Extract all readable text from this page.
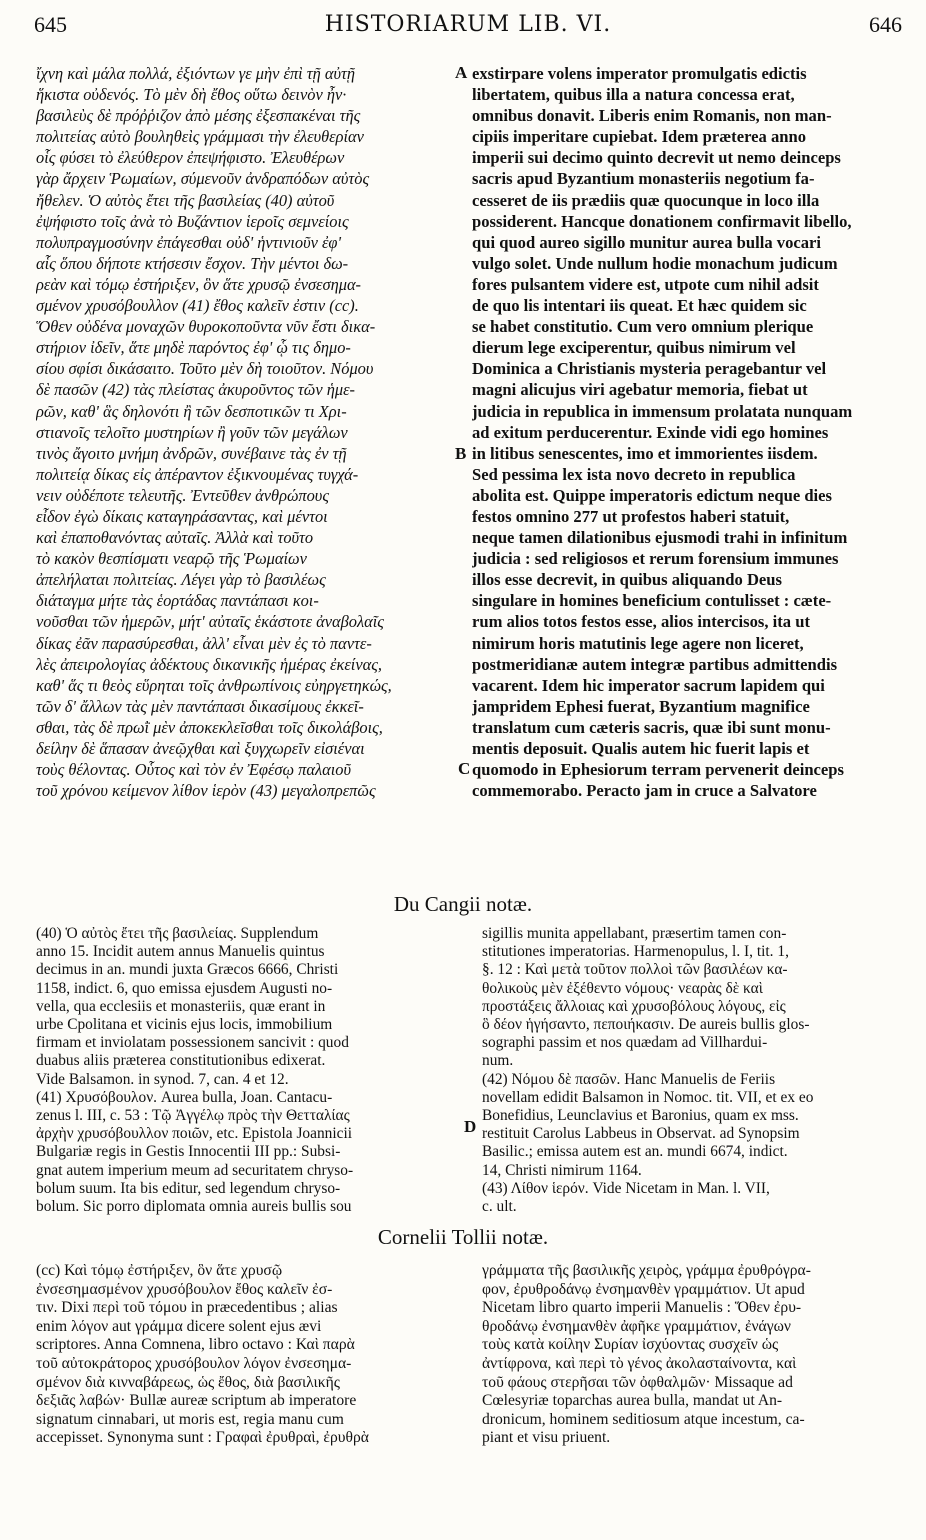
645	HISTORIARUM LIB. VI.	646

ἴχνη καὶ μάλα πολλά, ἐξιόντων γε μὴν ἐπὶ τῇ αὐτῇ

ἥκιστα οὐδενός. Τὸ μὲν δὴ ἔθος οὕτω δεινὸν ἦν·

βασιλεὺς δὲ πρόῤῥιζον ἀπὸ μέσης ἐξεσπακέναι τῆς

πολιτείας αὐτὸ βουληθεὶς γράμμασι τὴν ἐλευθερίαν

οἷς φύσει τὸ ἐλεύθερον ἐπεψήφιστο. Ἐλευθέρων

γὰρ ἄρχειν Ῥωμαίων, σύμενοῦν ἀνδραπόδων αὐτὸς

ἤθελεν. Ὁ αὐτὸς ἔτει τῆς βασιλείας (40) αὐτοῦ

ἐψήφιστο τοῖς ἀνὰ τὸ Βυζάντιον ἱεροῖς σεμνείοις

πολυπραγμοσύνην ἐπάγεσθαι οὐδ' ἡντινιοῦν ἐφ'

αἷς ὅπου δήποτε κτήσεσιν ἔσχον. Τὴν μέντοι δω-

ρεὰν καὶ τόμῳ ἐστήριξεν, ὃν ἅτε χρυσῷ ἐνσεσημα-

σμένον χρυσόβουλλον (41) ἔθος καλεῖν ἐστιν (cc).

Ὅθεν οὐδένα μοναχῶν θυροκοποῦντα νῦν ἔστι δικα-

στήριον ἰδεῖν, ἅτε μηδὲ παρόντος ἐφ' ᾧ τις δημο-

σίου σφίσι δικάσαιτο. Τοῦτο μὲν δὴ τοιοῦτον. Νόμου

δὲ πασῶν (42) τὰς πλείστας ἀκυροῦντος τῶν ἡμε-

ρῶν, καθ' ἃς δηλονότι ἢ τῶν δεσποτικῶν τι Χρι-

στιανοῖς τελοῖτο μυστηρίων ἢ γοῦν τῶν μεγάλων

τινὸς ἄγοιτο μνήμη ἀνδρῶν, συνέβαινε τὰς ἐν τῇ

πολιτείᾳ δίκας εἰς ἀπέραντον ἐξικνουμένας τυγχά-

νειν οὐδέποτε τελευτῆς. Ἐντεῦθεν ἀνθρώπους

εἶδον ἐγὼ δίκαις καταγηράσαντας, καὶ μέντοι

καὶ ἐπαποθανόντας αὐταῖς. Ἀλλὰ καὶ τοῦτο

τὸ κακὸν θεσπίσματι νεαρῷ τῆς Ῥωμαίων

ἀπελήλαται πολιτείας. Λέγει γὰρ τὸ βασιλέως

διάταγμα μήτε τὰς ἑορτάδας παντάπασι κοι-

νοῦσθαι τῶν ἡμερῶν, μήτ' αὐταῖς ἑκάστοτε ἀναβολαῖς

δίκας ἐᾶν παρασύρεσθαι, ἀλλ' εἶναι μὲν ἐς τὸ παντε-

λὲς ἀπειρολογίας ἀδέκτους δικανικῆς ἡμέρας ἐκείνας,

καθ' ἅς τι θεὸς εὕρηται τοῖς ἀνθρωπίνοις εὐηργετηκώς,

τῶν δ' ἄλλων τὰς μὲν παντάπασι δικασίμους ἐκκεῖ-

σθαι, τὰς δὲ πρωῒ μὲν ἀποκεκλεῖσθαι τοῖς δικολάβοις,

δείλην δὲ ἅπασαν ἀνεῷχθαι καὶ ξυγχωρεῖν εἰσιέναι

τοὺς θέλοντας. Οὗτος καὶ τὸν ἐν Ἐφέσῳ παλαιοῦ

τοῦ χρόνου κείμενον λίθον ἱερὸν (43) μεγαλοπρεπῶς

exstirpare volens imperator promulgatis edictis

libertatem, quibus illa a natura concessa erat,

omnibus donavit. Liberis enim Romanis, non man-

cipiis imperitare cupiebat. Idem præterea anno

imperii sui decimo quinto decrevit ut nemo deinceps

sacris apud Byzantium monasteriis negotium fa-

cesseret de iis prædiis quæ quocunque in loco illa

possiderent. Hancque donationem confirmavit libello,

qui quod aureo sigillo munitur aurea bulla vocari

vulgo solet. Unde nullum hodie monachum judicum

fores pulsantem videre est, utpote cum nihil adsit

de quo lis intentari iis queat. Et hæc quidem sic

se habet constitutio. Cum vero omnium plerique

dierum lege exciperentur, quibus nimirum vel

Dominica a Christianis mysteria peragebantur vel

magni alicujus viri agebatur memoria, fiebat ut

judicia in republica in immensum prolatata nunquam

ad exitum perducerentur. Exinde vidi ego homines

in litibus senescentes, imo et immorientes iisdem.

Sed pessima lex ista novo decreto in republica

abolita est. Quippe imperatoris edictum neque dies

festos omnino 277 ut profestos haberi statuit,

neque tamen dilationibus ejusmodi trahi in infinitum

judicia : sed religiosos et rerum forensium immunes

illos esse decrevit, in quibus aliquando Deus

singulare in homines beneficium contulisset : cæte-

rum alios totos festos esse, alios intercisos, ita ut

nimirum horis matutinis lege agere non liceret,

postmeridianæ autem integræ partibus admittendis

vacarent. Idem hic imperator sacrum lapidem qui

jampridem Ephesi fuerat, Byzantium magnifice

translatum cum cæteris sacris, quæ ibi sunt monu-

mentis deposuit. Qualis autem hic fuerit lapis et

quomodo in Ephesiorum terram pervenerit deinceps

commemorabo. Peracto jam in cruce a Salvatore

A
B
C
D
Du Cangii notæ.

(40) Ὁ αὐτὸς ἔτει τῆς βασιλείας. Supplendum

anno 15. Incidit autem annus Manuelis quintus

decimus in an. mundi juxta Græcos 6666, Christi

1158, indict. 6, quo emissa ejusdem Augusti no-

vella, qua ecclesiis et monasteriis, quæ erant in

urbe Cpolitana et vicinis ejus locis, immobilium

firmam et inviolatam possessionem sancivit : quod

duabus aliis præterea constitutionibus edixerat.

Vide Balsamon. in synod. 7, can. 4 et 12.

(41) Χρυσόβουλον. Aurea bulla, Joan. Cantacu-

zenus l. III, c. 53 : Τῷ Ἀγγέλῳ πρὸς τὴν Θετταλίας

ἀρχὴν χρυσόβουλλον ποιῶν, etc. Epistola Joannicii

Bulgariæ regis in Gestis Innocentii III pp.: Subsi-

gnat autem imperium meum ad securitatem chryso-

bolum suum. Ita bis editur, sed legendum chryso-

bolum. Sic porro diplomata omnia aureis bullis sou

sigillis munita appellabant, præsertim tamen con-

stitutiones imperatorias. Harmenopulus, l. I, tit. 1,

§. 12 : Καὶ μετὰ τοῦτον πολλοὶ τῶν βασιλέων κα-

θολικοὺς μὲν ἐξέθεντο νόμους· νεαρὰς δὲ καὶ

προστάξεις ἄλλοιας καὶ χρυσοβόλους λόγους, εἰς

ὃ δέον ἡγήσαντο, πεποιήκασιν. De aureis bullis glos-

sographi passim et nos quædam ad Villhardui-

num.

(42) Νόμου δὲ πασῶν. Hanc Manuelis de Feriis

novellam edidit Balsamon in Nomoc. tit. VII, et ex eo

Bonefidius, Leunclavius et Baronius, quam ex mss.

restituit Carolus Labbeus in Observat. ad Synopsim

Basilic.; emissa autem est an. mundi 6674, indict.

14, Christi nimirum 1164.

(43) Λίθον ἱερόν. Vide Nicetam in Man. l. VII,

c. ult.

Cornelii Tollii notæ.

(cc) Καὶ τόμῳ ἐστήριξεν, ὃν ἅτε χρυσῷ

ἐνσεσημασμένον χρυσόβουλον ἔθος καλεῖν ἐσ-

τιν. Dixi περὶ τοῦ τόμου in præcedentibus ; alias

enim λόγον aut γράμμα dicere solent ejus ævi

scriptores. Anna Comnena, libro octavo : Καὶ παρὰ

τοῦ αὐτοκράτορος χρυσόβουλον λόγον ἐνσεσημα-

σμένον διὰ κινναβάρεως, ὡς ἔθος, διὰ βασιλικῆς

δεξιᾶς λαβών· Bullæ aureæ scriptum ab imperatore

signatum cinnabari, ut moris est, regia manu cum

accepisset. Synonyma sunt : Γραφαὶ ἐρυθραὶ, ἐρυθρὰ

γράμματα τῆς βασιλικῆς χειρὸς, γράμμα ἐρυθρόγρα-

φον, ἐρυθροδάνῳ ἐνσημανθὲν γραμμάτιον. Ut apud

Nicetam libro quarto imperii Manuelis : Ὅθεν ἐρυ-

θροδάνῳ ἐνσημανθὲν ἀφῆκε γραμμάτιον, ἐνάγων

τοὺς κατὰ κοίλην Συρίαν ἰσχύοντας συσχεῖν ὡς

ἀντίφρονα, καὶ περὶ τὸ γένος ἀκολασταίνοντα, καὶ

τοῦ φάους στερῆσαι τῶν ὀφθαλμῶν· Missaque ad

Cœlesyriæ toparchas aurea bulla, mandat ut An-

dronicum, hominem seditiosum atque incestum, ca-

piant et visu priuent.
